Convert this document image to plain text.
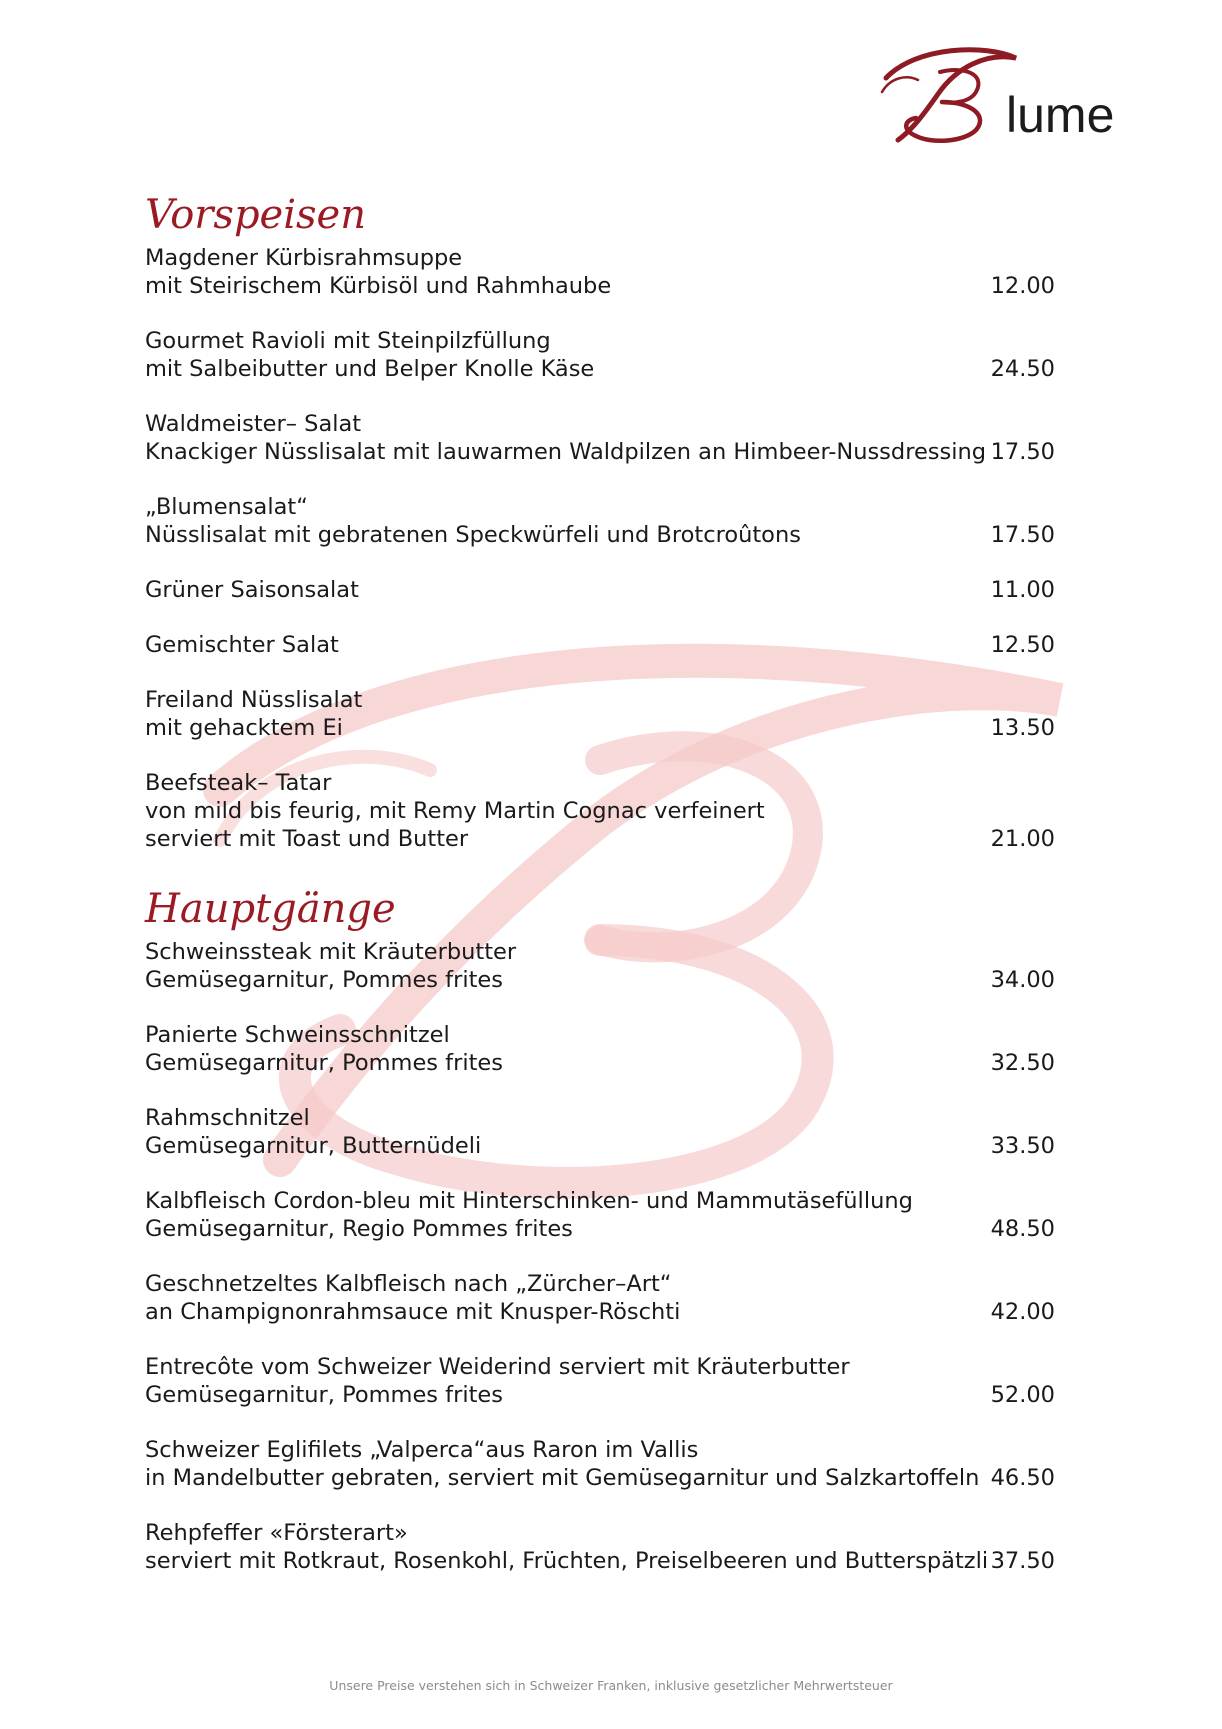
lume
Vorspeisen
Magdener Kürbisrahmsuppe
mit Steirischem Kürbisöl und Rahmhaube	12.00
Gourmet Ravioli mit Steinpilzfüllung
mit Salbeibutter und Belper Knolle Käse	24.50
Waldmeister– Salat
Knackiger Nüsslisalat mit lauwarmen Waldpilzen an Himbeer-Nussdressing 17.50
„Blumensalat“
Nüsslisalat mit gebratenen Speckwürfeli und Brotcroûtons	17.50
Grüner Saisonsalat	11.00
Gemischter Salat	12.50
Freiland Nüsslisalat
mit gehacktem Ei	13.50
Beefsteak– Tatar
von mild bis feurig, mit Remy Martin Cognac verfeinert
serviert mit Toast und Butter	21.00
Hauptgänge
Schweinssteak mit Kräuterbutter
Gemüsegarnitur, Pommes frites	34.00
Panierte Schweinsschnitzel
Gemüsegarnitur, Pommes frites	32.50
Rahmschnitzel
Gemüsegarnitur, Butternüdeli	33.50
Kalbfleisch Cordon-bleu mit Hinterschinken- und Mammutäsefüllung
Gemüsegarnitur, Regio Pommes frites	48.50
Geschnetzeltes Kalbfleisch nach „Zürcher–Art“
an Champignonrahmsauce mit Knusper-Röschti	42.00
Entrecôte vom Schweizer Weiderind serviert mit Kräuterbutter
Gemüsegarnitur, Pommes frites	52.00
Schweizer Eglifilets „Valperca“aus Raron im Vallis
in Mandelbutter gebraten, serviert mit Gemüsegarnitur und Salzkartoffeln 46.50
Rehpfeffer «Försterart»
serviert mit Rotkraut, Rosenkohl, Früchten, Preiselbeeren und Butterspätzli 37.50
Unsere Preise verstehen sich in Schweizer Franken, inklusive gesetzlicher Mehrwertsteuer
